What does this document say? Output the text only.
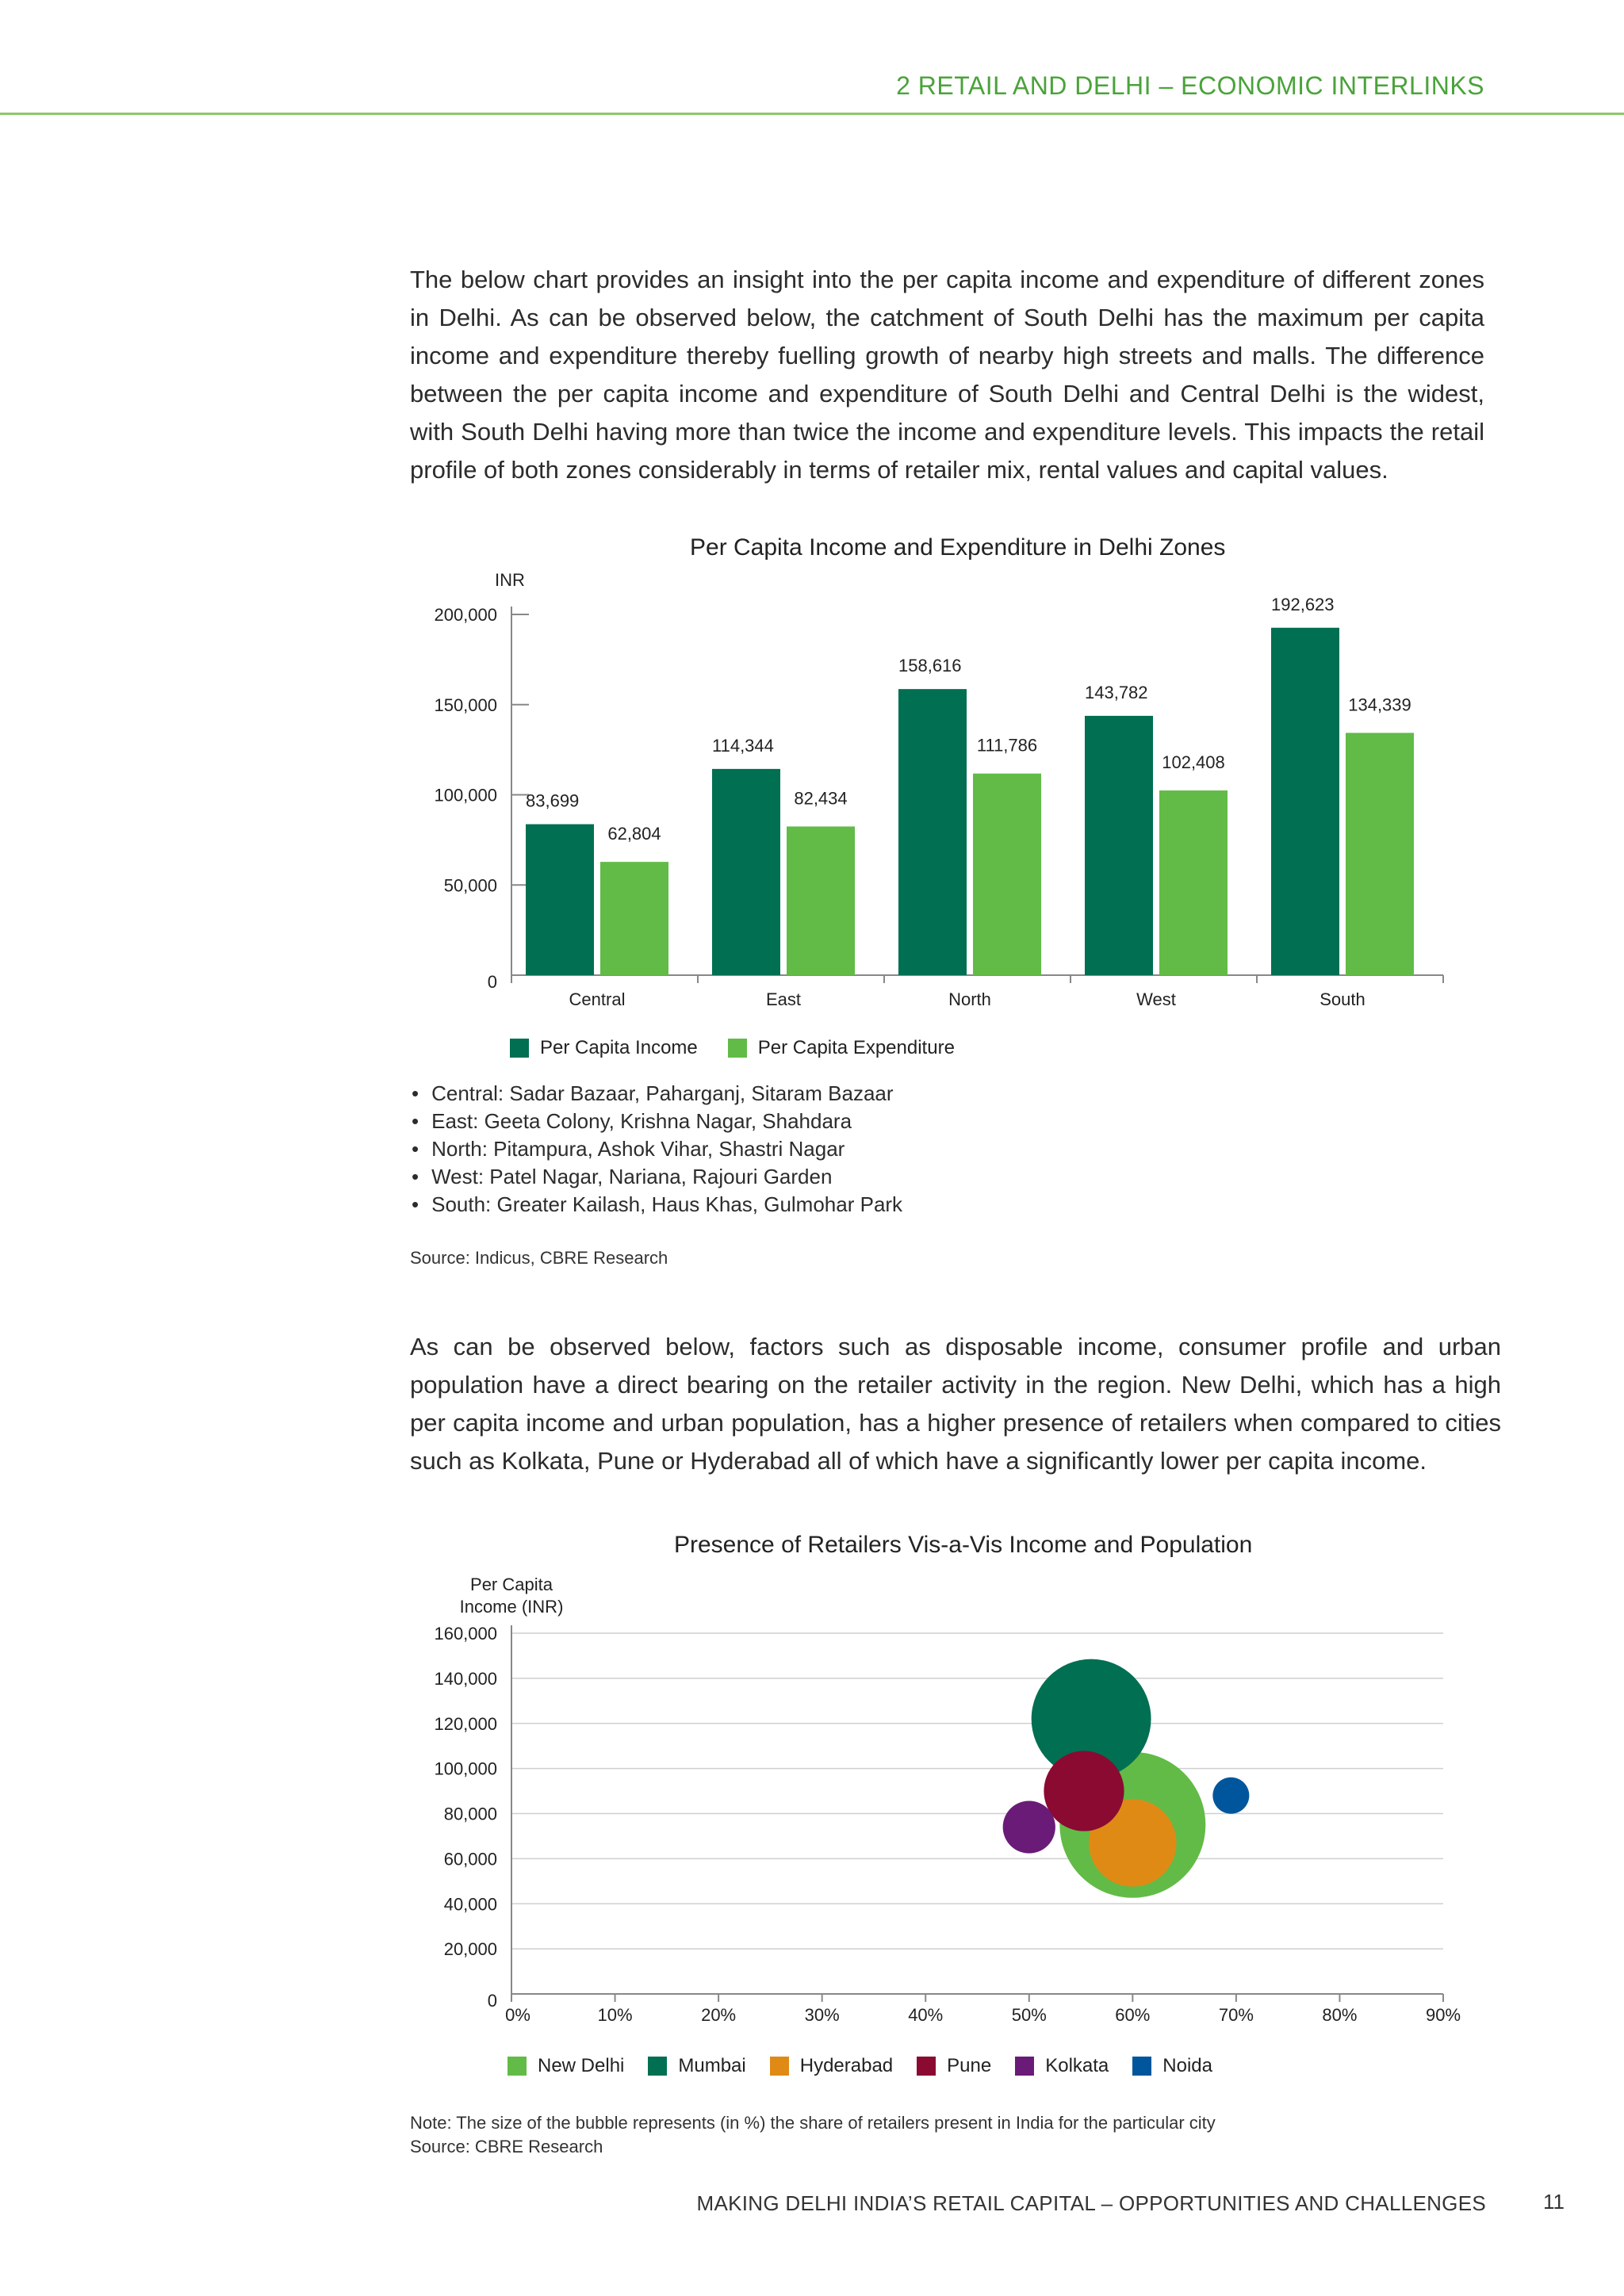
2 RETAIL AND DELHI – ECONOMIC INTERLINKS

The below chart provides an insight into the per capita income and expenditure of different zones in Delhi. As can be observed below, the catchment of South Delhi has the maximum per capita income and expenditure thereby fuelling growth of nearby high streets and malls. The difference between the per capita income and expenditure of South Delhi and Central Delhi is the widest, with South Delhi having more than twice the income and expenditure levels. This impacts the retail profile of both zones considerably in terms of retailer mix, rental values and capital values.

Per Capita Income and Expenditure in Delhi Zones
INR
0
50,000
100,000
150,000
200,000
83,699
62,804
Central
114,344
82,434
East
158,616
111,786
North
143,782
102,408
West
192,623
134,339
South
Per Capita Income	Per Capita Expenditure
• Central: Sadar Bazaar, Paharganj, Sitaram Bazaar
• East: Geeta Colony, Krishna Nagar, Shahdara
• North: Pitampura, Ashok Vihar, Shastri Nagar
• West: Patel Nagar, Nariana, Rajouri Garden
• South: Greater Kailash, Haus Khas, Gulmohar Park
Source: Indicus, CBRE Research

As can be observed below, factors such as disposable income, consumer profile and urban population have a direct bearing on the retailer activity in the region. New Delhi, which has a high per capita income and urban population, has a higher presence of retailers when compared to cities such as Kolkata, Pune or Hyderabad all of which have a significantly lower per capita income.

Presence of Retailers Vis-a-Vis Income and Population
Per Capita Income (INR)
0
20,000
40,000
60,000
80,000
100,000
120,000
140,000
160,000
0%	10%	20%	30%	40%	50%	60%	70%	80%	90%
New Delhi	Mumbai	Hyderabad	Pune	Kolkata	Noida
Note: The size of the bubble represents (in %) the share of retailers present in India for the particular city
Source: CBRE Research
MAKING DELHI INDIA’S RETAIL CAPITAL – OPPORTUNITIES AND CHALLENGES	11
